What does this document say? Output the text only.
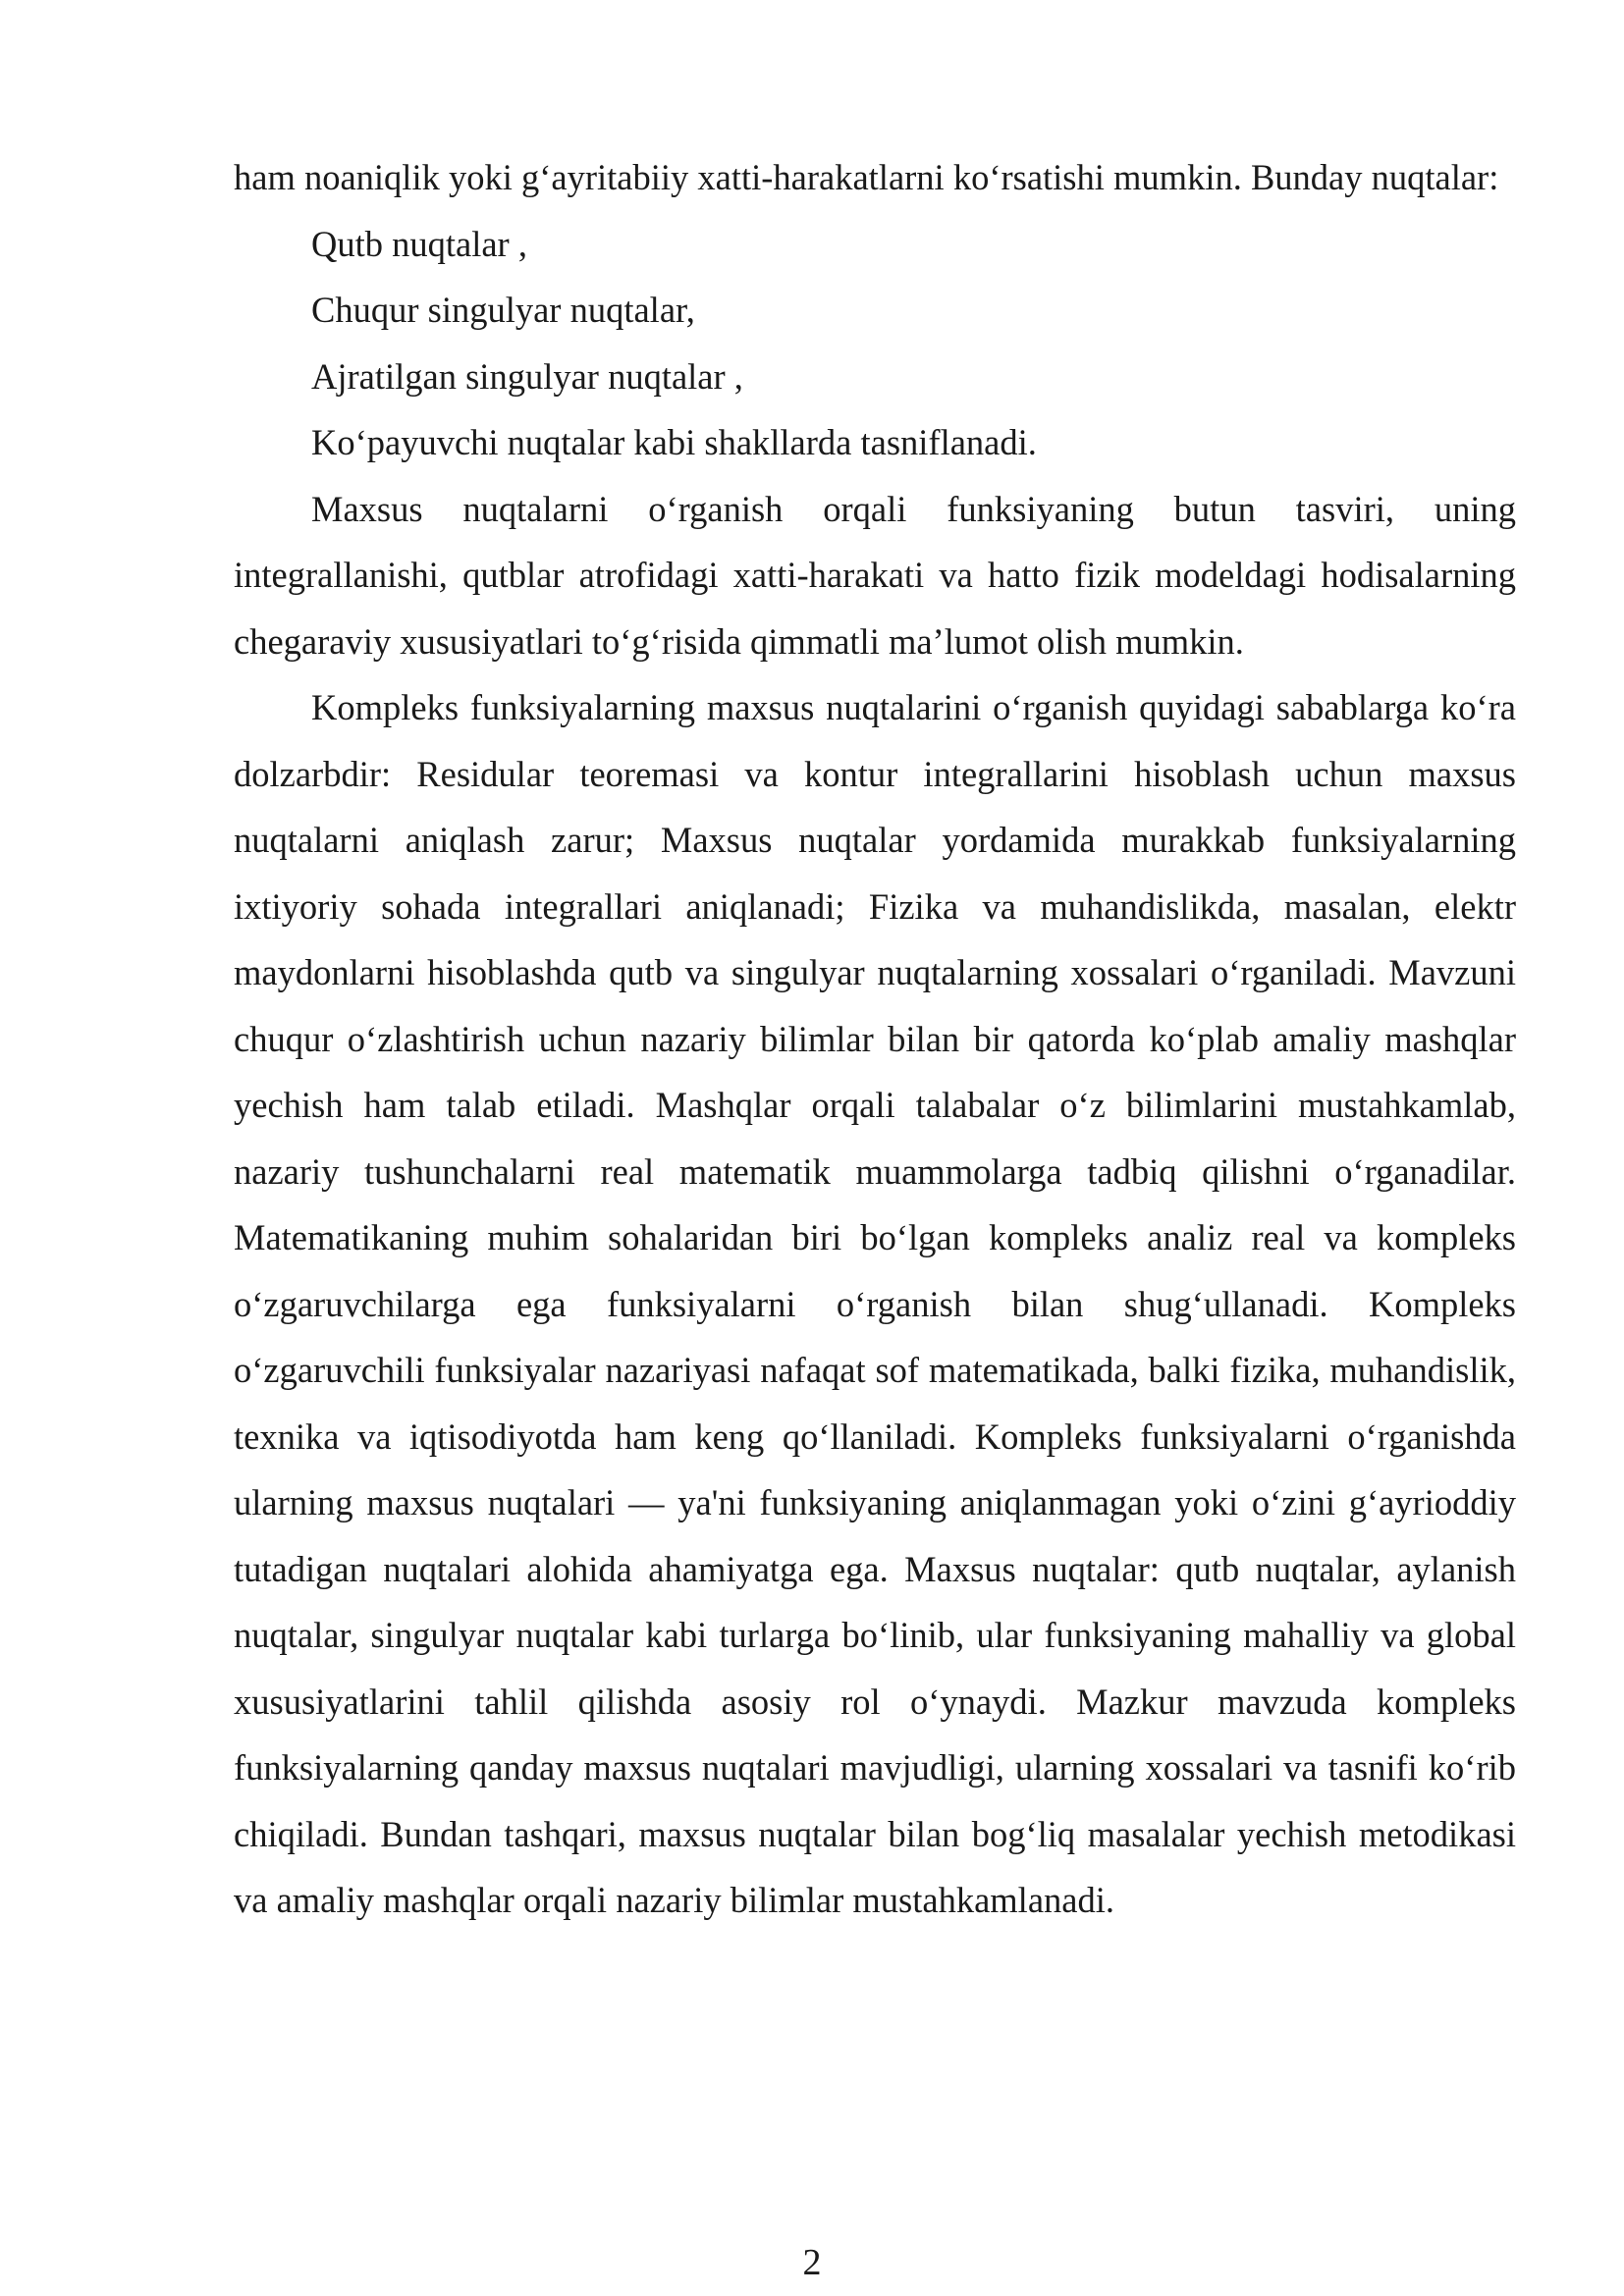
ham noaniqlik yoki g‘ayritabiiy xatti-harakatlarni ko‘rsatishi mumkin. Bunday nuqtalar:

Qutb nuqtalar ,

Chuqur singulyar nuqtalar,

Ajratilgan singulyar nuqtalar ,

Ko‘payuvchi nuqtalar kabi shakllarda tasniflanadi.

Maxsus nuqtalarni o‘rganish orqali funksiyaning butun tasviri, uning integrallanishi, qutblar atrofidagi xatti-harakati va hatto fizik modeldagi hodisalarning chegaraviy xususiyatlari to‘g‘risida qimmatli ma’lumot olish mumkin.

Kompleks funksiyalarning maxsus nuqtalarini o‘rganish quyidagi sabablarga ko‘ra dolzarbdir: Residular teoremasi va kontur integrallarini hisoblash uchun maxsus nuqtalarni aniqlash zarur; Maxsus nuqtalar yordamida murakkab funksiyalarning ixtiyoriy sohada integrallari aniqlanadi; Fizika va muhandislikda, masalan, elektr maydonlarni hisoblashda qutb va singulyar nuqtalarning xossalari o‘rganiladi. Mavzuni chuqur o‘zlashtirish uchun nazariy bilimlar bilan bir qatorda ko‘plab amaliy mashqlar yechish ham talab etiladi. Mashqlar orqali talabalar o‘z bilimlarini mustahkamlab, nazariy tushunchalarni real matematik muammolarga tadbiq qilishni o‘rganadilar. Matematikaning muhim sohalaridan biri bo‘lgan kompleks analiz real va kompleks o‘zgaruvchilarga ega funksiyalarni o‘rganish bilan shug‘ullanadi. Kompleks o‘zgaruvchili funksiyalar nazariyasi nafaqat sof matematikada, balki fizika, muhandislik, texnika va iqtisodiyotda ham keng qo‘llaniladi. Kompleks funksiyalarni o‘rganishda ularning maxsus nuqtalari — ya'ni funksiyaning aniqlanmagan yoki o‘zini g‘ayrioddiy tutadigan nuqtalari alohida ahamiyatga ega. Maxsus nuqtalar: qutb nuqtalar, aylanish nuqtalar, singulyar nuqtalar kabi turlarga bo‘linib, ular funksiyaning mahalliy va global xususiyatlarini tahlil qilishda asosiy rol o‘ynaydi. Mazkur mavzuda kompleks funksiyalarning qanday maxsus nuqtalari mavjudligi, ularning xossalari va tasnifi ko‘rib chiqiladi. Bundan tashqari, maxsus nuqtalar bilan bog‘liq masalalar yechish metodikasi va amaliy mashqlar orqali nazariy bilimlar mustahkamlanadi.

2
